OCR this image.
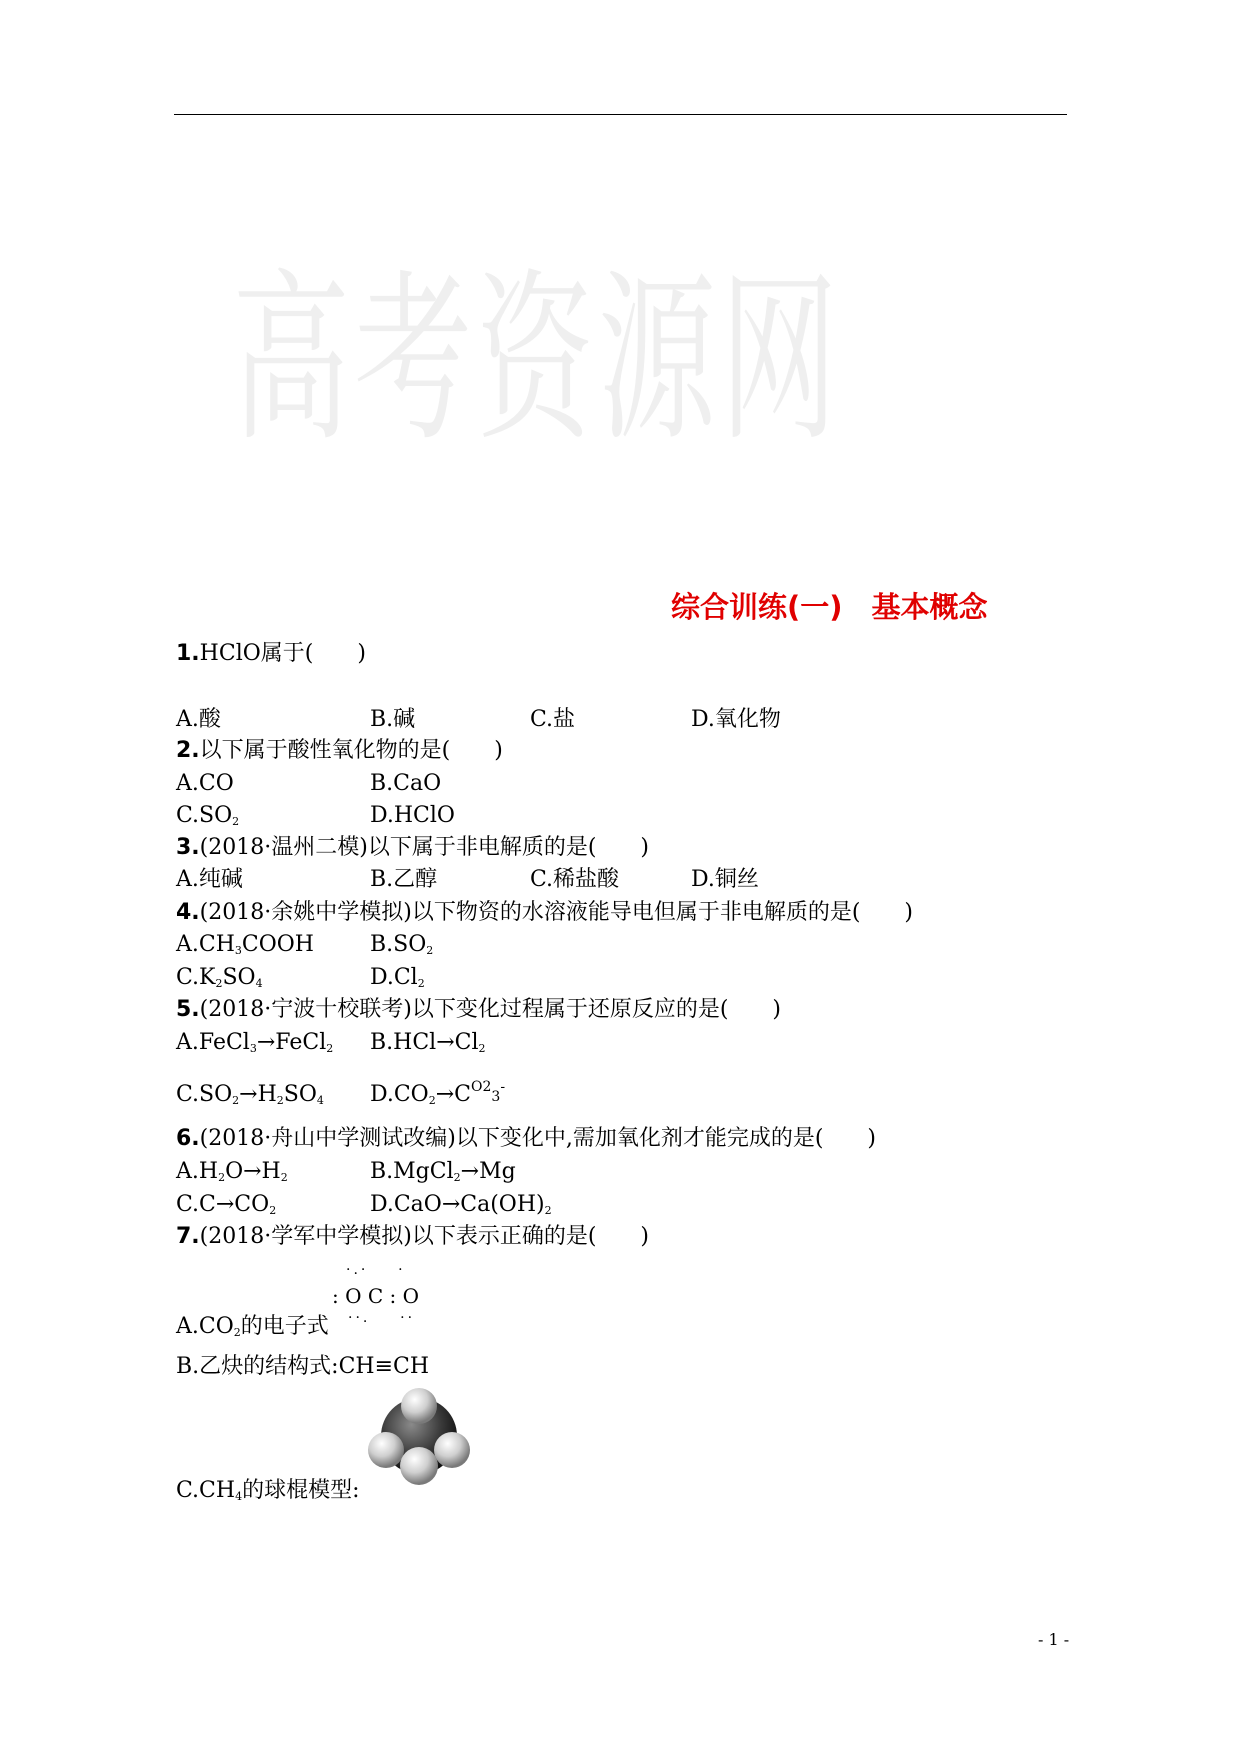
高考资源网
综合训练(一)　基本概念
1.HClO属于(　　)
A.酸	B.碱	C.盐	D.氧化物
2.以下属于酸性氧化物的是(　　)
A.CO	B.CaO
$C.SO_2$	D.HClO
3.(2018·温州二模)以下属于非电解质的是(　　)
A.纯碱	B.乙醇	C.稀盐酸	D.铜丝
4.(2018·余姚中学模拟)以下物资的水溶液能导电但属于非电解质的是(　　)
$A.CH_3COOH$	$B.SO_2$
$C.K_2SO_4$	$D.Cl_2$
5.(2018·宁波十校联考)以下变化过程属于还原反应的是(　　)
A.FeCl$_3$→FeCl$_2$ $B.HCl\to Cl_2$
$C.SO_2\to H_2SO_4$ $D.CO_2\to C^{O2}3^-$
6.(2018·舟山中学测试改编)以下变化中,需加氧化剂才能完成的是(　　)
$A.H_2O\to H_2$	B.MgCl$_2$→Mg
$C.C\to CO_2$	$D.CaO\to Ca(OH)_2$
7.(2018·学军中学模拟)以下表示正确的是(　　)
·.·    ·
: O C : O
··.    ··
$A.CO_2$的电子式
B.乙炔的结构式:CH≡CH
$C.CH_4$的球棍模型:
- 1 -
